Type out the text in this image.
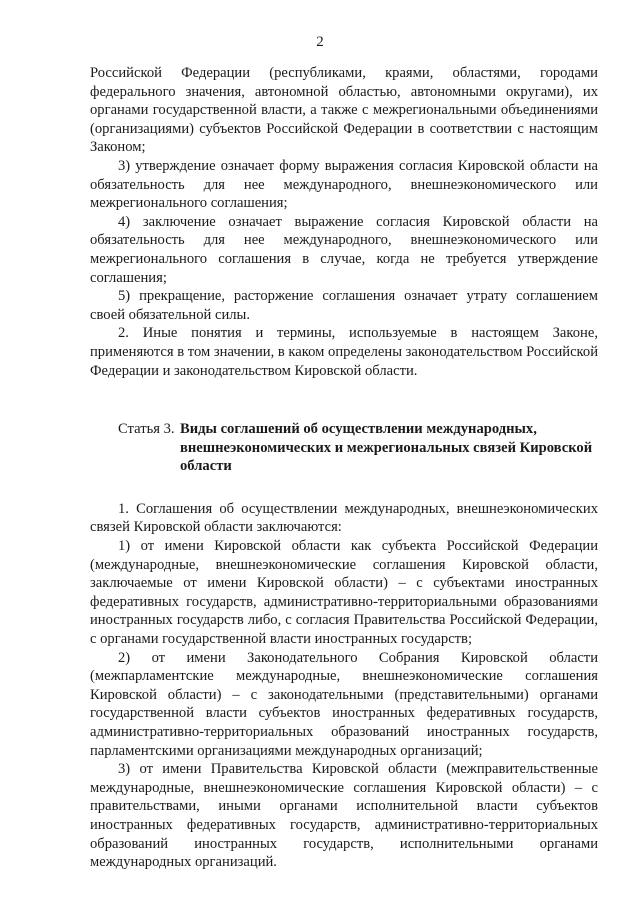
2

Российской Федерации (республиками, краями, областями, городами федерального значения, автономной областью, автономными округами), их органами государственной власти, а также с межрегиональными объединениями (организациями) субъектов Российской Федерации в соответствии с настоящим Законом;

3) утверждение означает форму выражения согласия Кировской области на обязательность для нее международного, внешнеэкономического или межрегионального соглашения;

4) заключение означает выражение согласия Кировской области на обязательность для нее международного, внешнеэкономического или межрегионального соглашения в случае, когда не требуется утверждение соглашения;

5) прекращение, расторжение соглашения означает утрату соглашением своей обязательной силы.

2. Иные понятия и термины, используемые в настоящем Законе, применяются в том значении, в каком определены законодательством Российской Федерации и законодательством Кировской области.

Статья 3. Виды соглашений об осуществлении международных, внешнеэкономических и межрегиональных связей Кировской области

1. Соглашения об осуществлении международных, внешнеэкономических связей Кировской области заключаются:

1) от имени Кировской области как субъекта Российской Федерации (международные, внешнеэкономические соглашения Кировской области, заключаемые от имени Кировской области) – с субъектами иностранных федеративных государств, административно-территориальными образованиями иностранных государств либо, с согласия Правительства Российской Федерации, с органами государственной власти иностранных государств;

2) от имени Законодательного Собрания Кировской области (межпарламентские международные, внешнеэкономические соглашения Кировской области) – с законодательными (представительными) органами государственной власти субъектов иностранных федеративных государств, административно-территориальных образований иностранных государств, парламентскими организациями международных организаций;

3) от имени Правительства Кировской области (межправительственные международные, внешнеэкономические соглашения Кировской области) – с правительствами, иными органами исполнительной власти субъектов иностранных федеративных государств, административно-территориальных образований иностранных государств, исполнительными органами международных организаций.
